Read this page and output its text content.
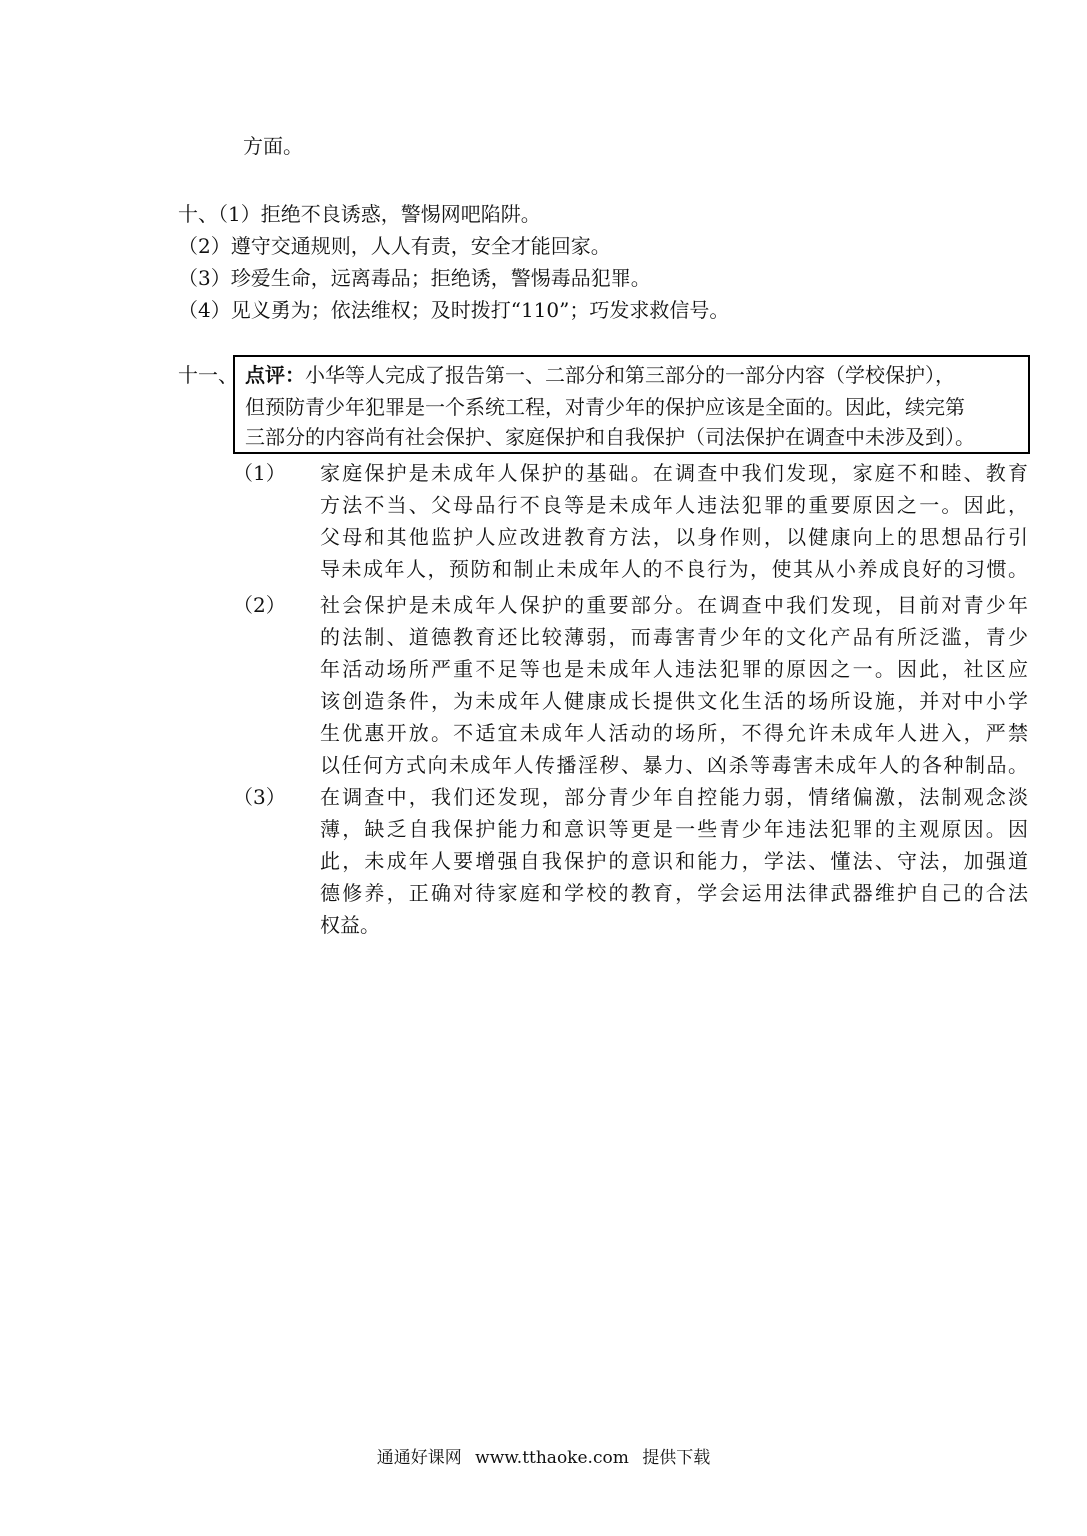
方面。
十、（1）拒绝不良诱惑，警惕网吧陷阱。
（2）遵守交通规则，人人有责，安全才能回家。
（3）珍爱生命，远离毒品；拒绝诱，警惕毒品犯罪。
（4）见义勇为；依法维权；及时拨打“110”；巧发求救信号。
十一、 点评：小华等人完成了报告第一、二部分和第三部分的一部分内容（学校保护），
但预防青少年犯罪是一个系统工程，对青少年的保护应该是全面的。因此，续完第
三部分的内容尚有社会保护、家庭保护和自我保护（司法保护在调查中未涉及到）。
（1） 家庭保护是未成年人保护的基础。在调查中我们发现，家庭不和睦、教育
方法不当、父母品行不良等是未成年人违法犯罪的重要原因之一。因此，
父母和其他监护人应改进教育方法，以身作则，以健康向上的思想品行引
导未成年人，预防和制止未成年人的不良行为，使其从小养成良好的习惯。
（2） 社会保护是未成年人保护的重要部分。在调查中我们发现，目前对青少年
的法制、道德教育还比较薄弱，而毒害青少年的文化产品有所泛滥，青少
年活动场所严重不足等也是未成年人违法犯罪的原因之一。因此，社区应
该创造条件，为未成年人健康成长提供文化生活的场所设施，并对中小学
生优惠开放。不适宜未成年人活动的场所，不得允许未成年人进入，严禁
以任何方式向未成年人传播淫秽、暴力、凶杀等毒害未成年人的各种制品。
（3） 在调查中，我们还发现，部分青少年自控能力弱，情绪偏激，法制观念淡
薄，缺乏自我保护能力和意识等更是一些青少年违法犯罪的主观原因。因
此，未成年人要增强自我保护的意识和能力，学法、懂法、守法，加强道
德修养，正确对待家庭和学校的教育，学会运用法律武器维护自己的合法
权益。
通通好课网 www.tthaoke.com 提供下载
